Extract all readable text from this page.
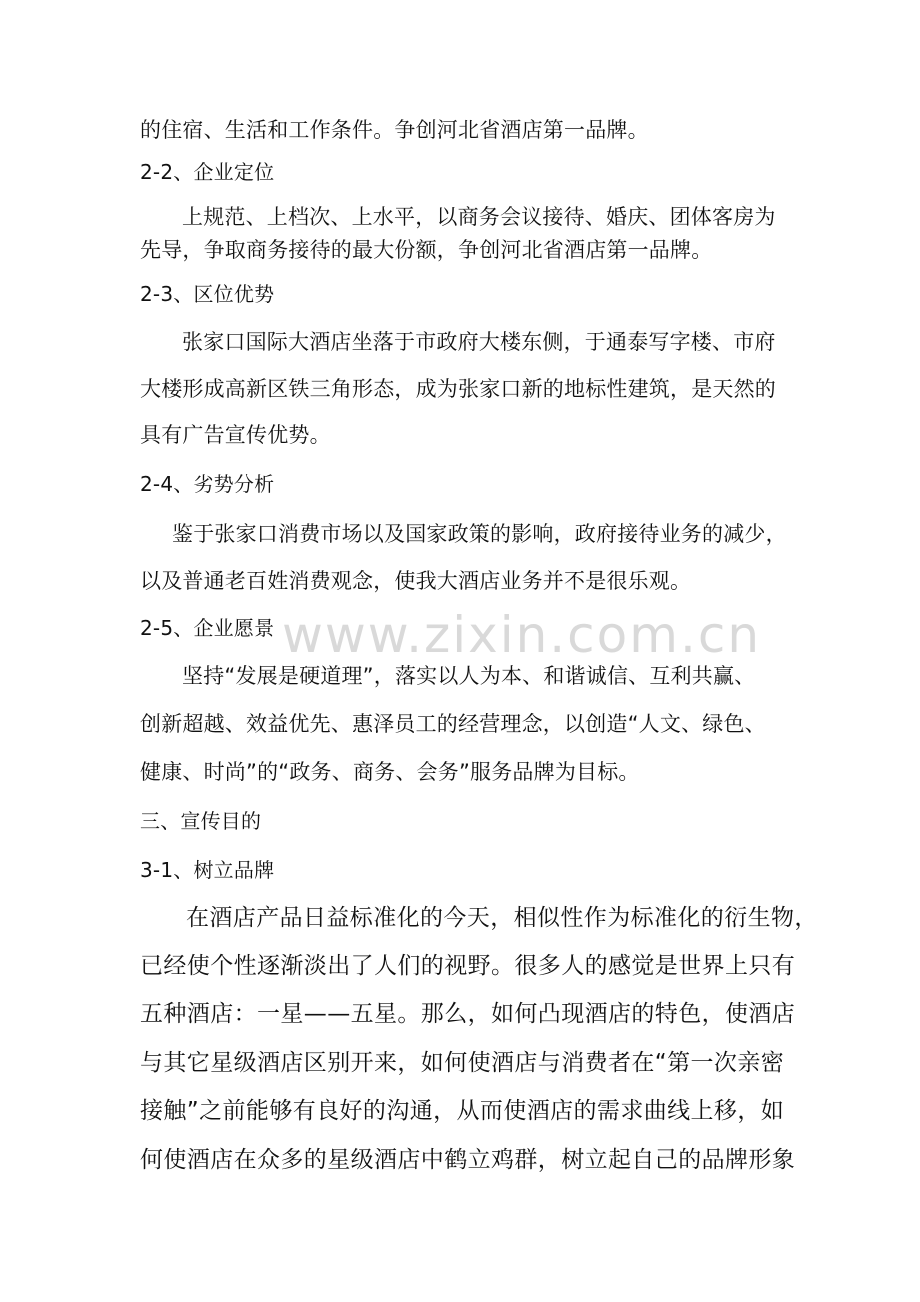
www.zixin.com.cn
的住宿、生活和工作条件。争创河北省酒店第一品牌。
2-2、企业定位
上规范、上档次、上水平，以商务会议接待、婚庆、团体客房为
先导，争取商务接待的最大份额，争创河北省酒店第一品牌。
2-3、区位优势
张家口国际大酒店坐落于市政府大楼东侧，于通泰写字楼、市府
大楼形成高新区铁三角形态，成为张家口新的地标性建筑，是天然的
具有广告宣传优势。
2-4、劣势分析
鉴于张家口消费市场以及国家政策的影响，政府接待业务的减少，
以及普通老百姓消费观念，使我大酒店业务并不是很乐观。
2-5、企业愿景
坚持“发展是硬道理”，落实以人为本、和谐诚信、互利共赢、
创新超越、效益优先、惠泽员工的经营理念，以创造“人文、绿色、
健康、时尚”的“政务、商务、会务”服务品牌为目标。
三、宣传目的
3-1、树立品牌
在酒店产品日益标准化的今天，相似性作为标准化的衍生物，
已经使个性逐渐淡出了人们的视野。很多人的感觉是世界上只有
五种酒店：一星——五星。那么，如何凸现酒店的特色，使酒店
与其它星级酒店区别开来，如何使酒店与消费者在“第一次亲密
接触”之前能够有良好的沟通，从而使酒店的需求曲线上移，如
何使酒店在众多的星级酒店中鹤立鸡群，树立起自己的品牌形象
